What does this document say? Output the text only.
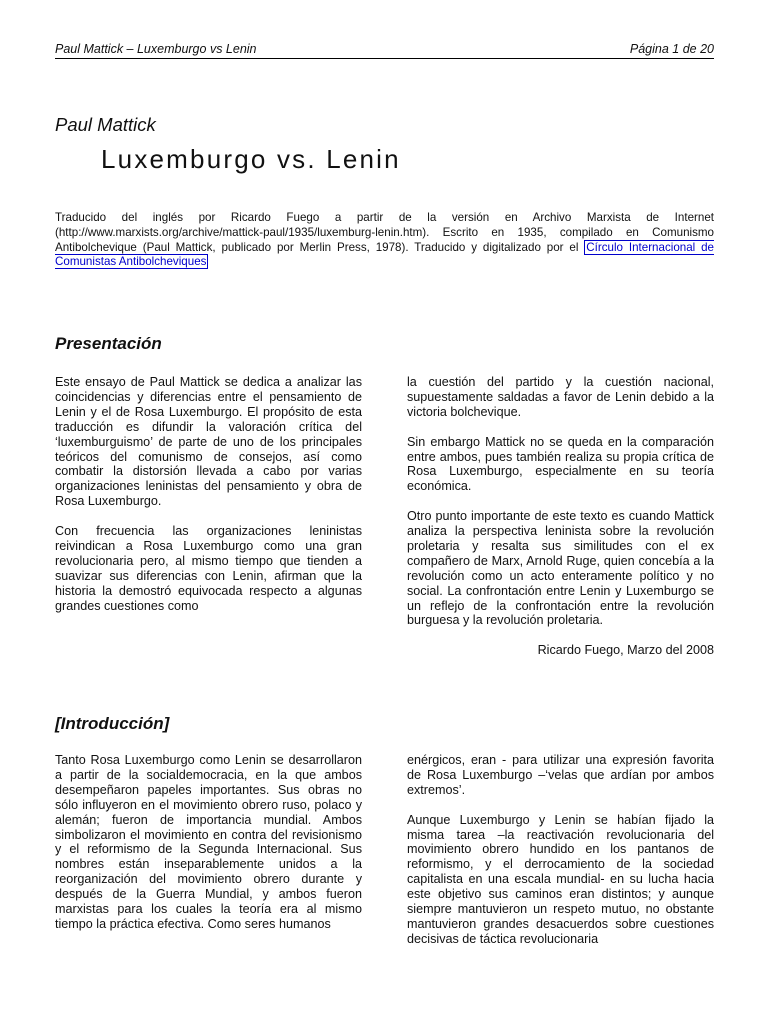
Paul Mattick – Luxemburgo vs Lenin	Página 1 de 20
Paul Mattick
Luxemburgo vs. Lenin
Traducido del inglés por Ricardo Fuego a partir de la versión en Archivo Marxista de Internet (http://www.marxists.org/archive/mattick-paul/1935/luxemburg-lenin.htm). Escrito en 1935, compilado en Comunismo Antibolchevique (Paul Mattick, publicado por Merlin Press, 1978). Traducido y digitalizado por el Círculo Internacional de Comunistas Antibolcheviques
Presentación

Este ensayo de Paul Mattick se dedica a analizar las coincidencias y diferencias entre el pensamiento de Lenin y el de Rosa Luxemburgo. El propósito de esta traducción es difundir la valoración crítica del ‘luxemburguismo’ de parte de uno de los principales teóricos del comunismo de consejos, así como combatir la distorsión llevada a cabo por varias organizaciones leninistas del pensamiento y obra de Rosa Luxemburgo.

Con frecuencia las organizaciones leninistas reivindican a Rosa Luxemburgo como una gran revolucionaria pero, al mismo tiempo que tienden a suavizar sus diferencias con Lenin, afirman que la historia la demostró equivocada respecto a algunas grandes cuestiones como

la cuestión del partido y la cuestión nacional, supuestamente saldadas a favor de Lenin debido a la victoria bolchevique.

Sin embargo Mattick no se queda en la comparación entre ambos, pues también realiza su propia crítica de Rosa Luxemburgo, especialmente en su teoría económica.

Otro punto importante de este texto es cuando Mattick analiza la perspectiva leninista sobre la revolución proletaria y resalta sus similitudes con el ex compañero de Marx, Arnold Ruge, quien concebía a la revolución como un acto enteramente político y no social. La confrontación entre Lenin y Luxemburgo se un reflejo de la confrontación entre la revolución burguesa y la revolución proletaria.

Ricardo Fuego, Marzo del 2008

[Introducción]

Tanto Rosa Luxemburgo como Lenin se desarrollaron a partir de la socialdemocracia, en la que ambos desempeñaron papeles importantes. Sus obras no sólo influyeron en el movimiento obrero ruso, polaco y alemán; fueron de importancia mundial. Ambos simbolizaron el movimiento en contra del revisionismo y el reformismo de la Segunda Internacional. Sus nombres están inseparablemente unidos a la reorganización del movimiento obrero durante y después de la Guerra Mundial, y ambos fueron marxistas para los cuales la teoría era al mismo tiempo la práctica efectiva. Como seres humanos

enérgicos, eran - para utilizar una expresión favorita de Rosa Luxemburgo –‘velas que ardían por ambos extremos’.

Aunque Luxemburgo y Lenin se habían fijado la misma tarea –la reactivación revolucionaria del movimiento obrero hundido en los pantanos de reformismo, y el derrocamiento de la sociedad capitalista en una escala mundial- en su lucha hacia este objetivo sus caminos eran distintos; y aunque siempre mantuvieron un respeto mutuo, no obstante mantuvieron grandes desacuerdos sobre cuestiones decisivas de táctica revolucionaria
